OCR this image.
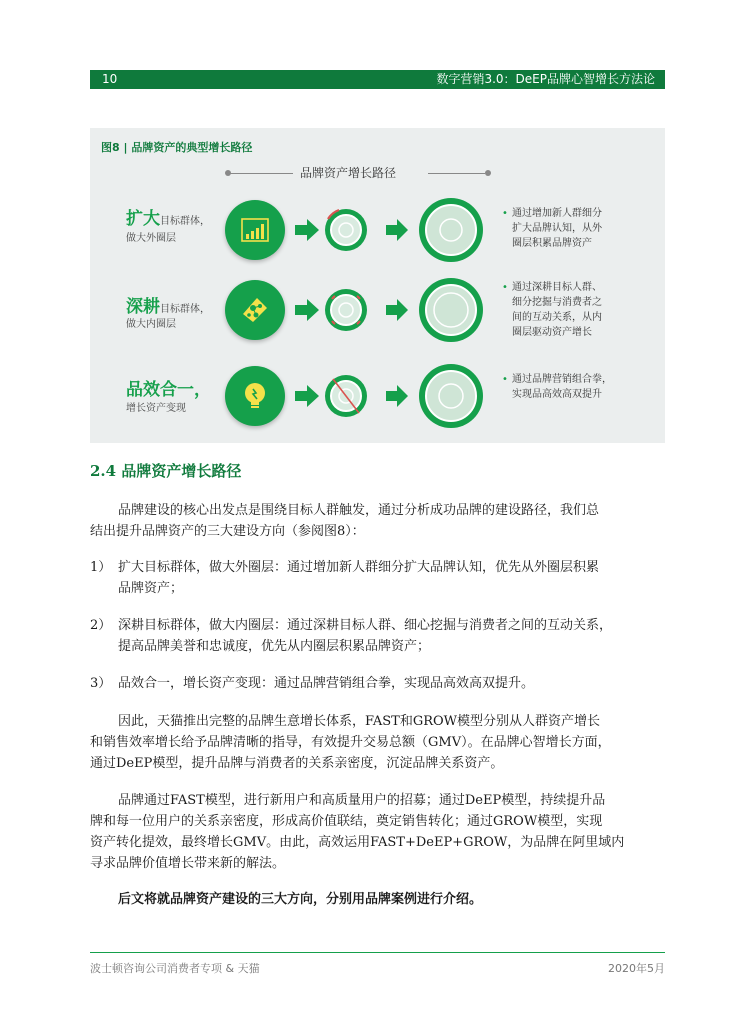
10	数字营销3.0：DeEP品牌心智增长方法论
图8 | 品牌资产的典型增长路径
品牌资产增长路径
扩大目标群体，
做大外圈层
• 通过增加新人群细分
扩大品牌认知，从外
圈层积累品牌资产
深耕目标群体，
做大内圈层
• 通过深耕目标人群、
细分挖掘与消费者之
间的互动关系，从内
圈层驱动资产增长
品效合一，
增长资产变现
• 通过品牌营销组合拳，
实现品高效高双提升
2.4 品牌资产增长路径
品牌建设的核心出发点是围绕目标人群触发，通过分析成功品牌的建设路径，我们总
结出提升品牌资产的三大建设方向（参阅图8）：
1） 扩大目标群体，做大外圈层：通过增加新人群细分扩大品牌认知，优先从外圈层积累
品牌资产；
2） 深耕目标群体，做大内圈层：通过深耕目标人群、细心挖掘与消费者之间的互动关系，
提高品牌美誉和忠诚度，优先从内圈层积累品牌资产；
3） 品效合一，增长资产变现：通过品牌营销组合拳，实现品高效高双提升。
因此，天猫推出完整的品牌生意增长体系，FAST和GROW模型分别从人群资产增长
和销售效率增长给予品牌清晰的指导，有效提升交易总额（GMV）。在品牌心智增长方面，
通过DeEP模型，提升品牌与消费者的关系亲密度，沉淀品牌关系资产。
品牌通过FAST模型，进行新用户和高质量用户的招募；通过DeEP模型，持续提升品
牌和每一位用户的关系亲密度，形成高价值联结，奠定销售转化；通过GROW模型，实现
资产转化提效，最终增长GMV。由此，高效运用FAST+DeEP+GROW，为品牌在阿里域内
寻求品牌价值增长带来新的解法。
后文将就品牌资产建设的三大方向，分别用品牌案例进行介绍。
波士顿咨询公司消费者专项 & 天猫	2020年5月
